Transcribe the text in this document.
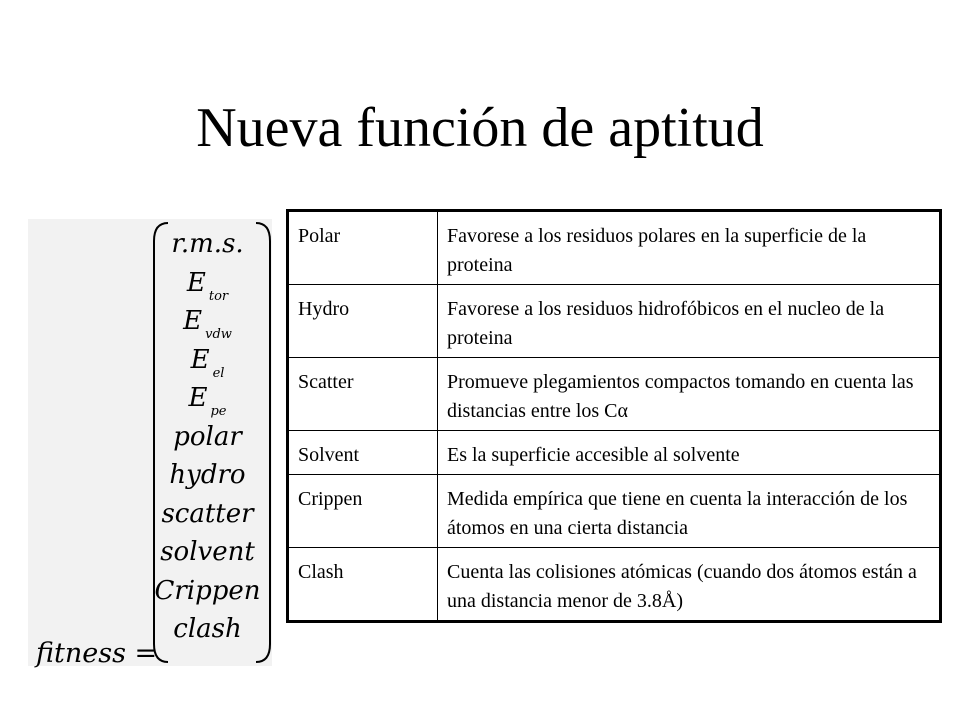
Nueva función de aptitud
fitness =
r.m.s.
E $_{tor}$
E $_{vdw}$
E $_{el}$
E $_{pe}$
polar
hydro
scatter
solvent
Crippen
clash
Polar	Favorese a los residuos polares en la superficie de la proteina
Hydro	Favorese a los residuos hidrofóbicos en el nucleo de la proteina
Scatter	Promueve plegamientos compactos tomando en cuenta las distancias entre los Cα
Solvent	Es la superficie accesible al solvente
Crippen	Medida empírica que tiene en cuenta la interacción de los átomos en una cierta distancia
Clash	Cuenta las colisiones atómicas (cuando dos átomos están a una distancia menor de 3.8Å)
